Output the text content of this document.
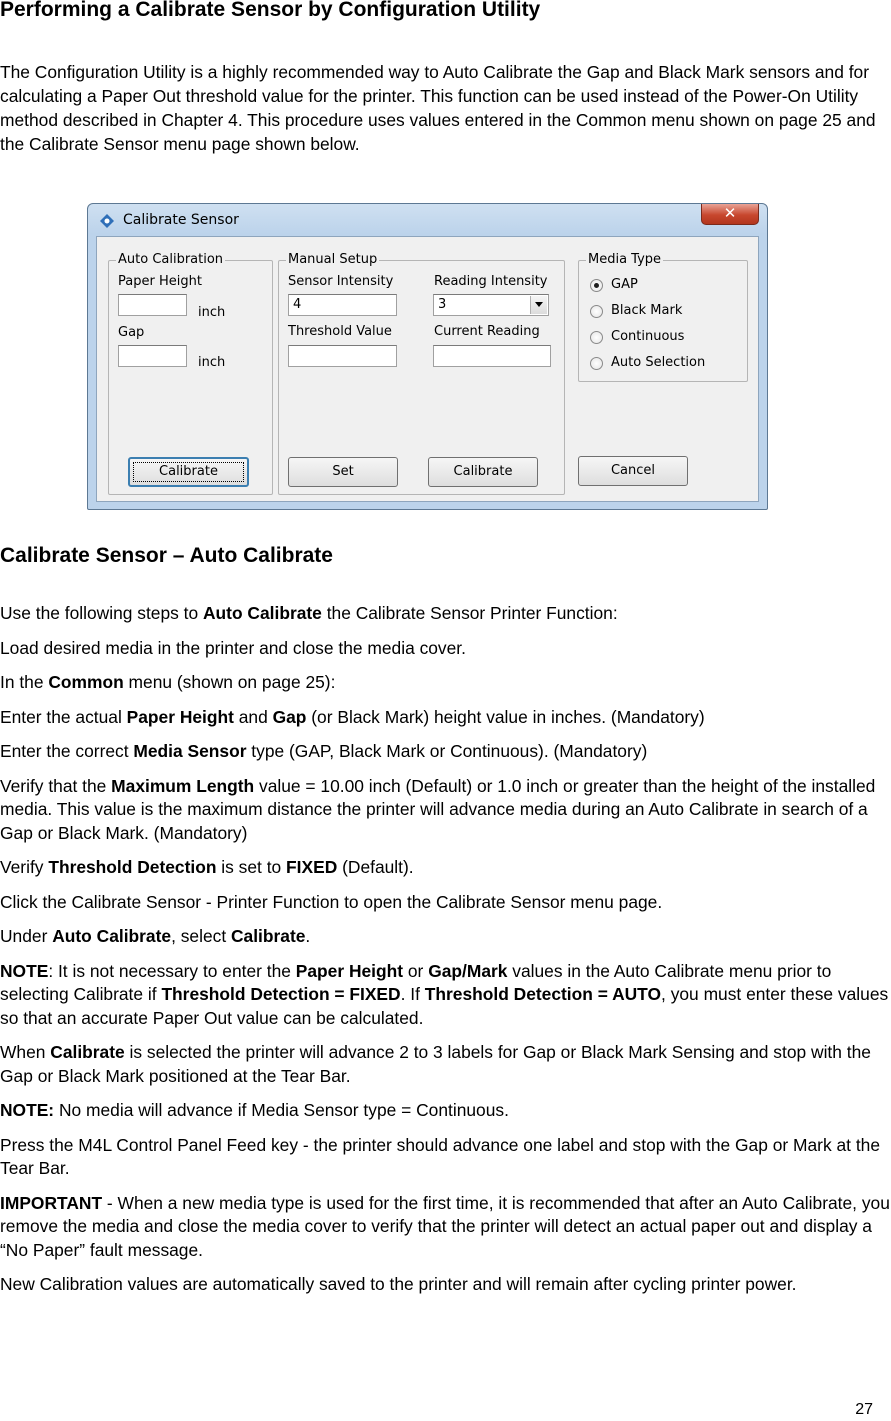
Performing a Calibrate Sensor by Configuration Utility

The Configuration Utility is a highly recommended way to Auto Calibrate the Gap and Black Mark sensors and for calculating a Paper Out threshold value for the printer. This function can be used instead of the Power-On Utility method described in Chapter 4. This procedure uses values entered in the Common menu shown on page 25 and the Calibrate Sensor menu page shown below.

Calibrate Sensor	✕
Auto Calibration
Paper Height
inch
Gap
inch
Calibrate
Manual Setup
Sensor Intensity
4
Reading Intensity
3
Threshold Value	Current Reading
Set	Calibrate
Media Type
GAP
Black Mark
Continuous
Auto Selection
Cancel
Calibrate Sensor – Auto Calibrate

Use the following steps to Auto Calibrate the Calibrate Sensor Printer Function:

Load desired media in the printer and close the media cover.

In the Common menu (shown on page 25):

Enter the actual Paper Height and Gap (or Black Mark) height value in inches. (Mandatory)

Enter the correct Media Sensor type (GAP, Black Mark or Continuous). (Mandatory)

Verify that the Maximum Length value = 10.00 inch (Default) or 1.0 inch or greater than the height of the installed media. This value is the maximum distance the printer will advance media during an Auto Calibrate in search of a Gap or Black Mark. (Mandatory)

Verify Threshold Detection is set to FIXED (Default).

Click the Calibrate Sensor - Printer Function to open the Calibrate Sensor menu page.

Under Auto Calibrate, select Calibrate.

NOTE: It is not necessary to enter the Paper Height or Gap/Mark values in the Auto Calibrate menu prior to selecting Calibrate if Threshold Detection = FIXED. If Threshold Detection = AUTO, you must enter these values so that an accurate Paper Out value can be calculated.

When Calibrate is selected the printer will advance 2 to 3 labels for Gap or Black Mark Sensing and stop with the Gap or Black Mark positioned at the Tear Bar.

NOTE: No media will advance if Media Sensor type = Continuous.

Press the M4L Control Panel Feed key - the printer should advance one label and stop with the Gap or Mark at the Tear Bar.

IMPORTANT - When a new media type is used for the first time, it is recommended that after an Auto Calibrate, you remove the media and close the media cover to verify that the printer will detect an actual paper out and display a “No Paper” fault message.

New Calibration values are automatically saved to the printer and will remain after cycling printer power.

27
